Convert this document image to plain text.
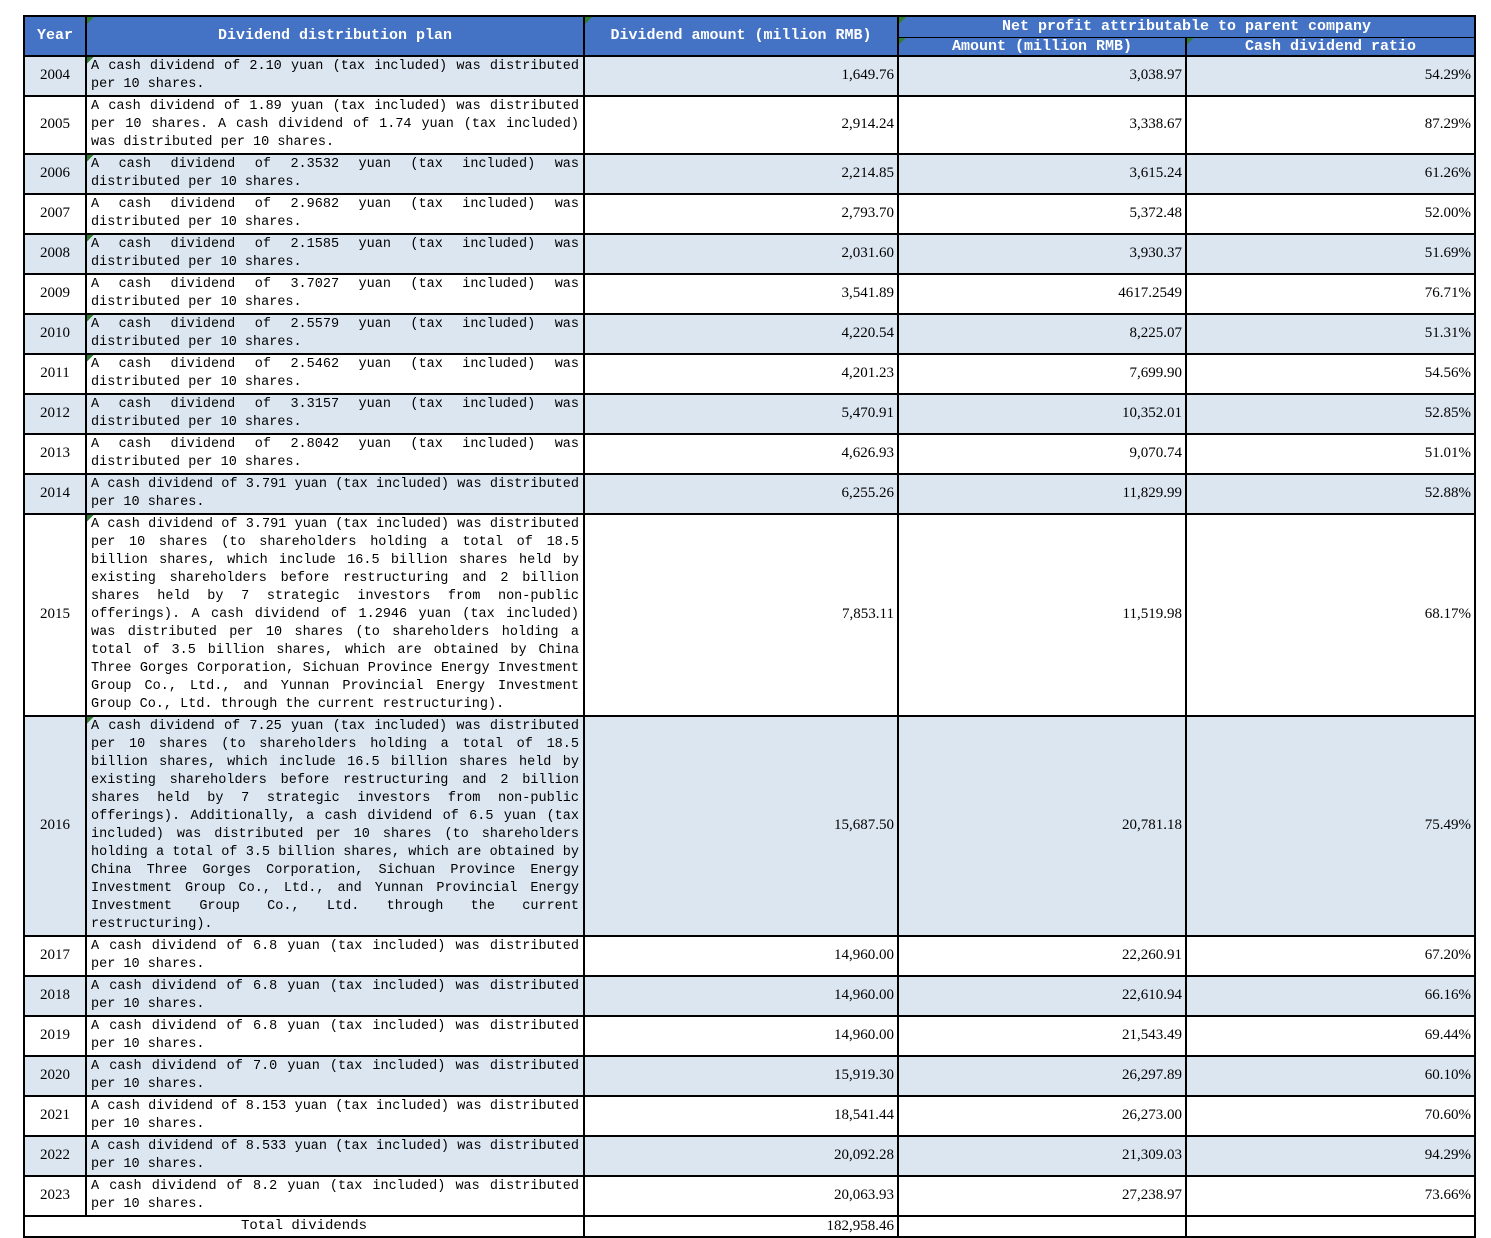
Year	Dividend distribution plan	Dividend amount (million RMB)	Net profit attributable to parent company	

Amount (million RMB)	Cash dividend ratio
2004	A cash dividend of 2.10 yuan (tax included) was distributed per 10 shares.	1,649.76	3,038.97	54.29%
2005	A cash dividend of 1.89 yuan (tax included) was distributed per 10 shares. A cash dividend of 1.74 yuan (tax included) was distributed per 10 shares.	2,914.24	3,338.67	87.29%
2006	A cash dividend of 2.3532 yuan (tax included) was distributed per 10 shares.	2,214.85	3,615.24	61.26%
2007	A cash dividend of 2.9682 yuan (tax included) was distributed per 10 shares.	2,793.70	5,372.48	52.00%
2008	A cash dividend of 2.1585 yuan (tax included) was distributed per 10 shares.	2,031.60	3,930.37	51.69%
2009	A cash dividend of 3.7027 yuan (tax included) was distributed per 10 shares.	3,541.89	4617.2549	76.71%
2010	A cash dividend of 2.5579 yuan (tax included) was distributed per 10 shares.	4,220.54	8,225.07	51.31%
2011	A cash dividend of 2.5462 yuan (tax included) was distributed per 10 shares.	4,201.23	7,699.90	54.56%
2012	A cash dividend of 3.3157 yuan (tax included) was distributed per 10 shares.	5,470.91	10,352.01	52.85%
2013	A cash dividend of 2.8042 yuan (tax included) was distributed per 10 shares.	4,626.93	9,070.74	51.01%
2014	A cash dividend of 3.791 yuan (tax included) was distributed per 10 shares.	6,255.26	11,829.99	52.88%
2015	A cash dividend of 3.791 yuan (tax included) was distributed per 10 shares (to shareholders holding a total of 18.5 billion shares, which include 16.5 billion shares held by existing shareholders before restructuring and 2 billion shares held by 7 strategic investors from non-public offerings). A cash dividend of 1.2946 yuan (tax included) was distributed per 10 shares (to shareholders holding a total of 3.5 billion shares, which are obtained by China Three Gorges Corporation, Sichuan Province Energy Investment Group Co., Ltd., and Yunnan Provincial Energy Investment Group Co., Ltd. through the current restructuring).	7,853.11	11,519.98	68.17%
2016	A cash dividend of 7.25 yuan (tax included) was distributed per 10 shares (to shareholders holding a total of 18.5 billion shares, which include 16.5 billion shares held by existing shareholders before restructuring and 2 billion shares held by 7 strategic investors from non-public offerings). Additionally, a cash dividend of 6.5 yuan (tax included) was distributed per 10 shares (to shareholders holding a total of 3.5 billion shares, which are obtained by China Three Gorges Corporation, Sichuan Province Energy Investment Group Co., Ltd., and Yunnan Provincial Energy Investment Group Co., Ltd. through the current restructuring).	15,687.50	20,781.18	75.49%
2017	A cash dividend of 6.8 yuan (tax included) was distributed per 10 shares.	14,960.00	22,260.91	67.20%
2018	A cash dividend of 6.8 yuan (tax included) was distributed per 10 shares.	14,960.00	22,610.94	66.16%
2019	A cash dividend of 6.8 yuan (tax included) was distributed per 10 shares.	14,960.00	21,543.49	69.44%
2020	A cash dividend of 7.0 yuan (tax included) was distributed per 10 shares.	15,919.30	26,297.89	60.10%
2021	A cash dividend of 8.153 yuan (tax included) was distributed per 10 shares.	18,541.44	26,273.00	70.60%
2022	A cash dividend of 8.533 yuan (tax included) was distributed per 10 shares.	20,092.28	21,309.03	94.29%
2023	A cash dividend of 8.2 yuan (tax included) was distributed per 10 shares.	20,063.93	27,238.97	73.66%
Total dividends		182,958.46		
